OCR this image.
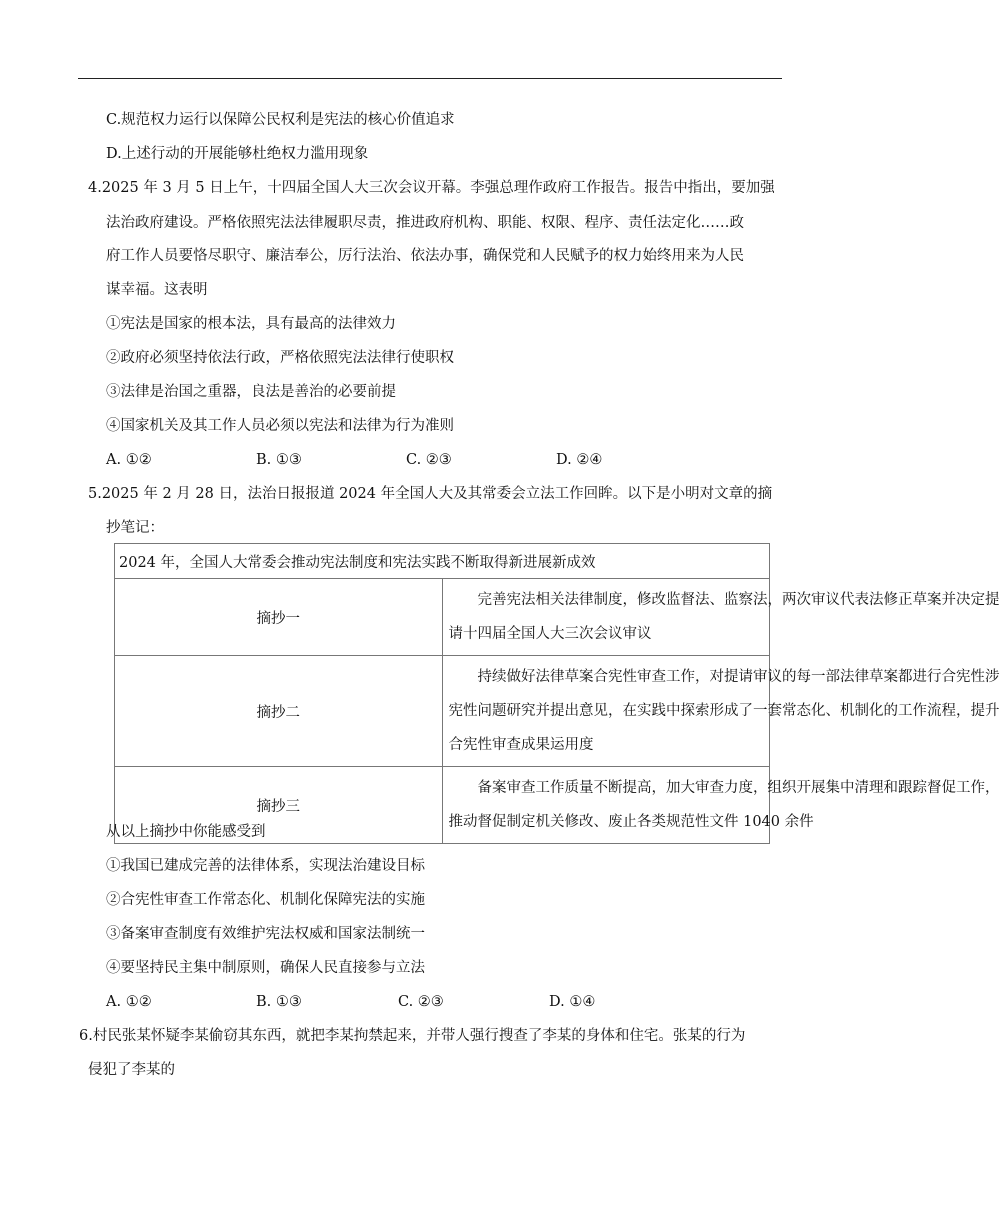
C.规范权力运行以保障公民权利是宪法的核心价值追求
D.上述行动的开展能够杜绝权力滥用现象
4.2025 年 3 月 5 日上午，十四届全国人大三次会议开幕。李强总理作政府工作报告。报告中指出，要加强
法治政府建设。严格依照宪法法律履职尽责，推进政府机构、职能、权限、程序、责任法定化……政
府工作人员要恪尽职守、廉洁奉公，厉行法治、依法办事，确保党和人民赋予的权力始终用来为人民
谋幸福。这表明
①宪法是国家的根本法，具有最高的法律效力
②政府必须坚持依法行政，严格依照宪法法律行使职权
③法律是治国之重器，良法是善治的必要前提
④国家机关及其工作人员必须以宪法和法律为行为准则
A. ①②	B. ①③	C. ②③	D. ②④
5.2025 年 2 月 28 日，法治日报报道 2024 年全国人大及其常委会立法工作回眸。以下是小明对文章的摘
抄笔记：
2024 年，全国人大常委会推动宪法制度和宪法实践不断取得新进展新成效	
摘抄一	完善宪法相关法律制度，修改监督法、监察法，两次审议代表法修正草案并决定提
请十四届全国人大三次会议审议

摘抄二	持续做好法律草案合宪性审查工作，对提请审议的每一部法律草案都进行合宪性涉
宪性问题研究并提出意见，在实践中探索形成了一套常态化、机制化的工作流程，提升
合宪性审查成果运用度

摘抄三	备案审查工作质量不断提高，加大审查力度，组织开展集中清理和跟踪督促工作，
推动督促制定机关修改、废止各类规范性文件 1040 余件
从以上摘抄中你能感受到
①我国已建成完善的法律体系，实现法治建设目标
②合宪性审查工作常态化、机制化保障宪法的实施
③备案审查制度有效维护宪法权威和国家法制统一
④要坚持民主集中制原则，确保人民直接参与立法
A. ①②	B. ①③	C. ②③	D. ①④
6.村民张某怀疑李某偷窃其东西，就把李某拘禁起来，并带人强行搜查了李某的身体和住宅。张某的行为
侵犯了李某的
